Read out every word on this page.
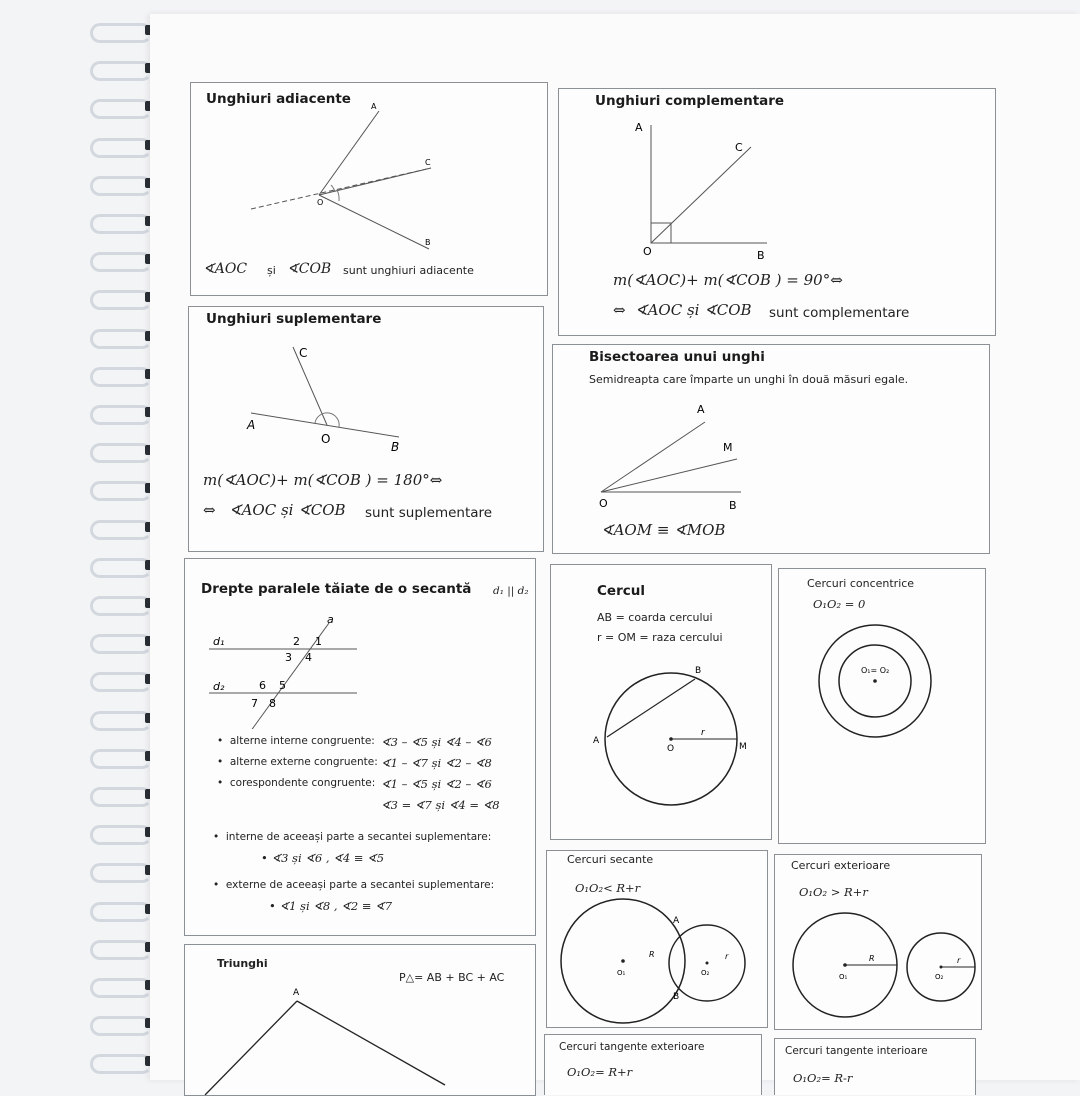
Unghiuri adiacente	A
C
O
B
∢AOC și ∢COB sunt unghiuri adiacente
Unghiuri complementare
A
C
O	B
m(∢AOC)+ m(∢COB ) = 90°⇔
⇔ ∢AOC și ∢COB sunt complementare
Unghiuri suplementare
C
A
O
B
m(∢AOC)+ m(∢COB ) = 180°⇔
⇔ ∢AOC și ∢COB sunt suplementare
Bisectoarea unui unghi
Semidreapta care împarte un unghi în două măsuri egale.
A
M
O	B
∢AOM ≡ ∢MOB
Drepte paralele tăiate de o secantă d₁ || d₂
a
d₁
d₂
2 1
3 4
6 5
7 8
•  alterne interne congruente: ∢3 – ∢5 și ∢4 – ∢6
•  alterne externe congruente: ∢1 – ∢7 și ∢2 – ∢8
•  corespondente congruente: ∢1 – ∢5 și ∢2 – ∢6
∢3 = ∢7 și ∢4 = ∢8
•  interne de aceeași parte a secantei suplementare:
• ∢3 și ∢6 , ∢4 ≡ ∢5
•  externe de aceeași parte a secantei suplementare:
• ∢1 și ∢8 , ∢2 ≡ ∢7
Cercul
AB = coarda cercului
r = OM = raza cercului
A
B
O	M
r
Cercuri concentrice
O₁O₂ = 0
O₁= O₂
Cercuri secante
O₁O₂< R+r
A
B
R	r
O₁	O₂
Cercuri exterioare
O₁O₂ > R+r
R	r
O₁	O₂
Triunghi
P△= AB + BC + AC
A
Cercuri tangente exterioare
O₁O₂= R+r
Cercuri tangente interioare
O₁O₂= R-r
